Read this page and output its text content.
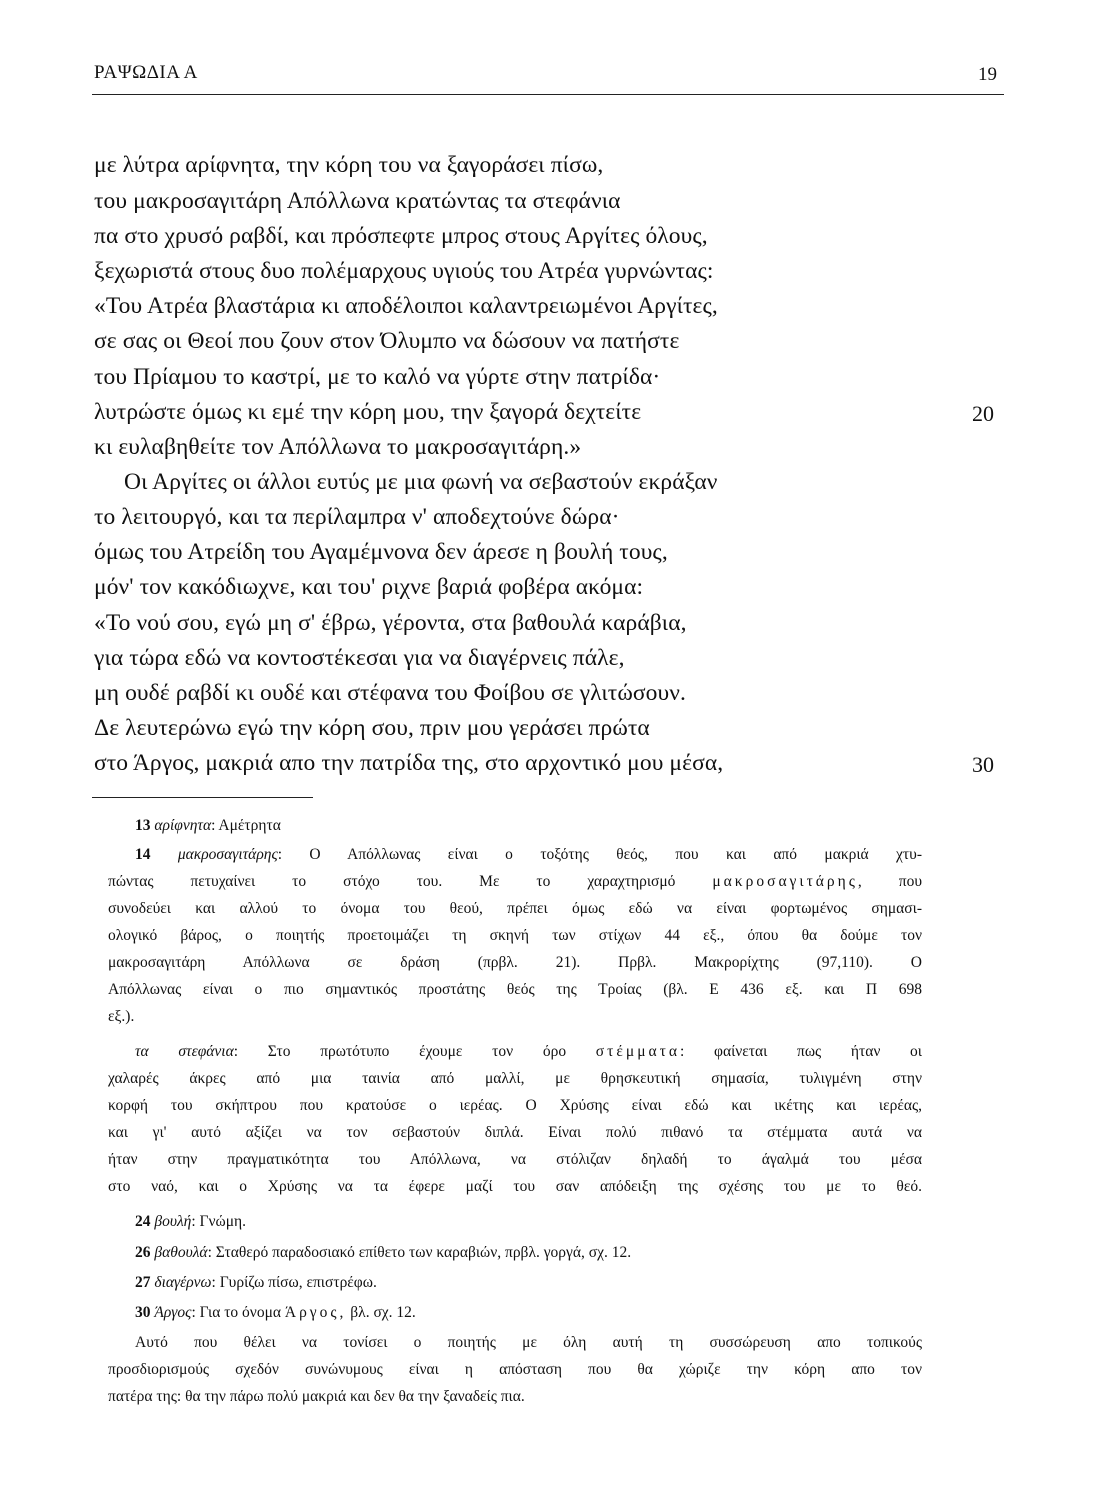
ΡΑΨΩΔΙΑ Α	19
με λύτρα αρίφνητα, την κόρη του να ξαγοράσει πίσω,
του μακροσαγιτάρη Απόλλωνα κρατώντας τα στεφάνια
πα στο χρυσό ραβδί, και πρόσπεφτε μπρος στους Αργίτες όλους,
ξεχωριστά στους δυο πολέμαρχους υγιούς του Ατρέα γυρνώντας:
«Του Ατρέα βλαστάρια κι αποδέλοιποι καλαντρειωμένοι Αργίτες,
σε σας οι Θεοί που ζουν στον Όλυμπο να δώσουν να πατήστε
του Πρίαμου το καστρί, με το καλό να γύρτε στην πατρίδα·
λυτρώστε όμως κι εμέ την κόρη μου, την ξαγορά δεχτείτε	20
κι ευλαβηθείτε τον Απόλλωνα το μακροσαγιτάρη.»
Οι Αργίτες οι άλλοι ευτύς με μια φωνή να σεβαστούν εκράξαν
το λειτουργό, και τα περίλαμπρα ν' αποδεχτούνε δώρα·
όμως του Ατρείδη του Αγαμέμνονα δεν άρεσε η βουλή τους,
μόν' τον κακόδιωχνε, και του' ριχνε βαριά φοβέρα ακόμα:
«Το νού σου, εγώ μη σ' έβρω, γέροντα, στα βαθουλά καράβια,
για τώρα εδώ να κοντοστέκεσαι για να διαγέρνεις πάλε,
μη ουδέ ραβδί κι ουδέ και στέφανα του Φοίβου σε γλιτώσουν.
Δε λευτερώνω εγώ την κόρη σου, πριν μου γεράσει πρώτα
στο Άργος, μακριά απο την πατρίδα της, στο αρχοντικό μου μέσα,	30
13 αρίφνητα: Αμέτρητα
14 μακροσαγιτάρης: Ο Απόλλωνας είναι ο τοξότης θεός, που και από μακριά χτυ-
πώντας πετυχαίνει το στόχο του. Με το χαραχτηρισμό μακροσαγιτάρης, που
συνοδεύει και αλλού το όνομα του θεού, πρέπει όμως εδώ να είναι φορτωμένος σημασι-
ολογικό βάρος, ο ποιητής προετοιμάζει τη σκηνή των στίχων 44 εξ., όπου θα δούμε τον
μακροσαγιτάρη Απόλλωνα σε δράση (πρβλ. 21). Πρβλ. Μακρορίχτης (97,110). Ο
Απόλλωνας είναι ο πιο σημαντικός προστάτης θεός της Τροίας (βλ. Ε 436 εξ. και Π 698
εξ.).
τα στεφάνια: Στο πρωτότυπο έχουμε τον όρο στέμματα: φαίνεται πως ήταν οι
χαλαρές άκρες από μια ταινία από μαλλί, με θρησκευτική σημασία, τυλιγμένη στην
κορφή του σκήπτρου που κρατούσε ο ιερέας. Ο Χρύσης είναι εδώ και ικέτης και ιερέας,
και γι' αυτό αξίζει να τον σεβαστούν διπλά. Είναι πολύ πιθανό τα στέμματα αυτά να
ήταν στην πραγματικότητα του Απόλλωνα, να στόλιζαν δηλαδή το άγαλμά του μέσα
στο ναό, και ο Χρύσης να τα έφερε μαζί του σαν απόδειξη της σχέσης του με το θεό.
24 βουλή: Γνώμη.
26 βαθουλά: Σταθερό παραδοσιακό επίθετο των καραβιών, πρβλ. γοργά, σχ. 12.
27 διαγέρνω: Γυρίζω πίσω, επιστρέφω.
30 Άργος: Για το όνομα Άργος, βλ. σχ. 12.
Αυτό που θέλει να τονίσει ο ποιητής με όλη αυτή τη συσσώρευση απο τοπικούς
προσδιορισμούς σχεδόν συνώνυμους είναι η απόσταση που θα χώριζε την κόρη απο τον
πατέρα της: θα την πάρω πολύ μακριά και δεν θα την ξαναδείς πια.
